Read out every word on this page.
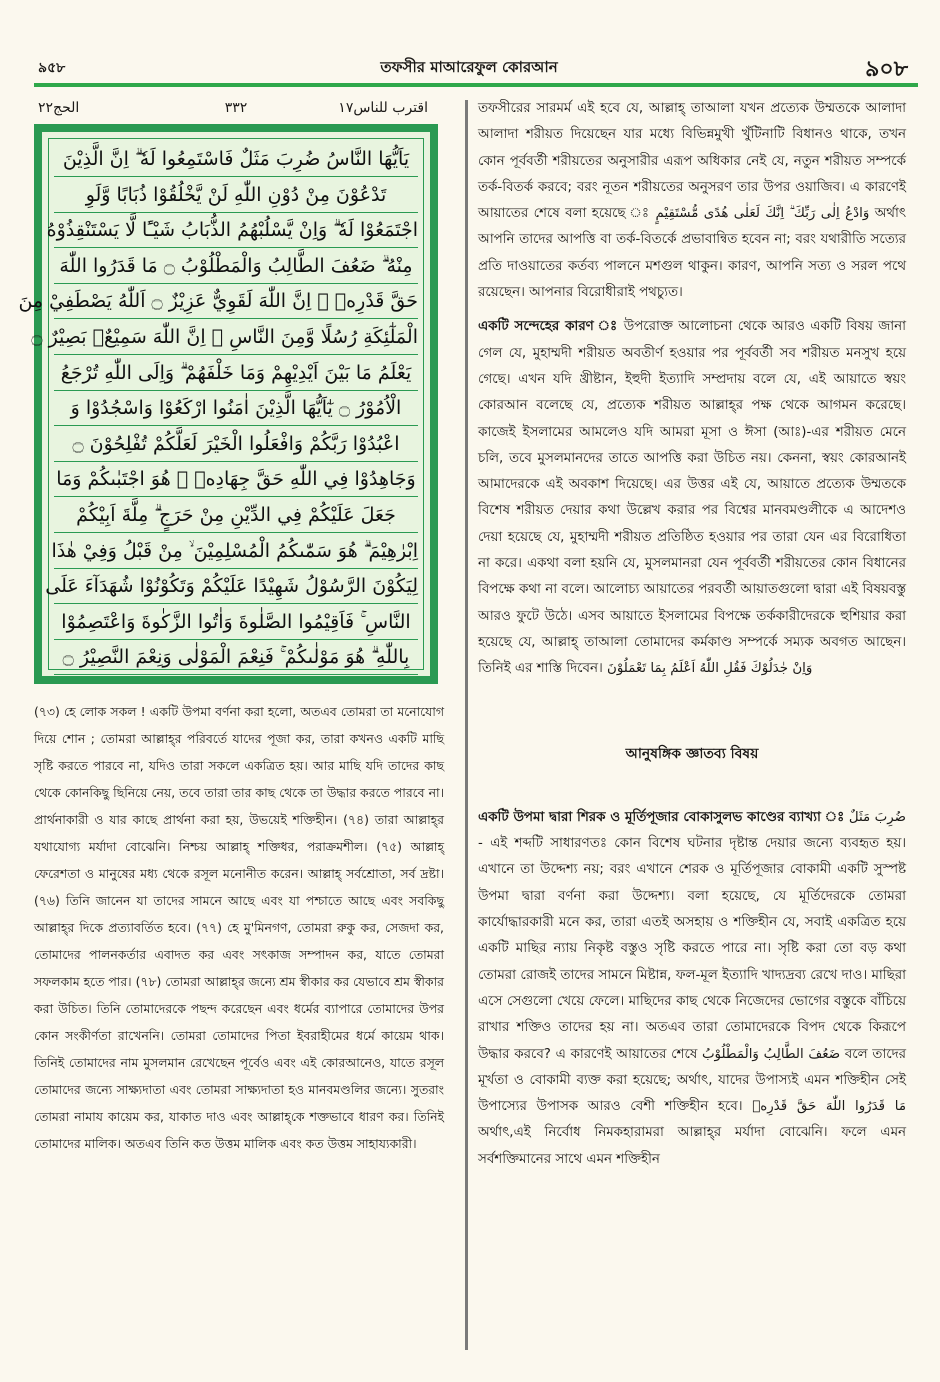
৯৫৮	তফসীর মাআরেফুল কোরআন	৯০৮
الحج٢٢	٣٣٢	اقترب للناس١٧
يَاَيُّهَا النَّاسُ ضُرِبَ مَثَلٌ فَاسْتَمِعُوا لَهٗ ۗ اِنَّ الَّذِيْنَ
تَدْعُوْنَ مِنْ دُوْنِ اللّٰهِ لَنْ يَّخْلُقُوْا ذُبَابًا وَّلَوِ
اجْتَمَعُوْا لَهٗ ۗ وَاِنْ يَّسْلُبْهُمُ الذُّبَابُ شَيْـًٔا لَّا يَسْتَنْقِذُوْهُ
مِنْهُ ۗ ضَعُفَ الطَّالِبُ وَالْمَطْلُوْبُ ۝ مَا قَدَرُوا اللّٰهَ
حَقَّ قَدْرِهٖ ۗ اِنَّ اللّٰهَ لَقَوِيٌّ عَزِيْزٌ ۝ اَللّٰهُ يَصْطَفِيْ مِنَ
الْمَلٰٓئِكَةِ رُسُلًا وَّمِنَ النَّاسِ ۗ اِنَّ اللّٰهَ سَمِيْعٌۢ بَصِيْرٌ ۝
يَعْلَمُ مَا بَيْنَ اَيْدِيْهِمْ وَمَا خَلْفَهُمْ ۗ وَاِلَى اللّٰهِ تُرْجَعُ
الْاُمُوْرُ ۝ يٰٓاَيُّهَا الَّذِيْنَ اٰمَنُوا ارْكَعُوْا وَاسْجُدُوْا وَ
اعْبُدُوْا رَبَّكُمْ وَافْعَلُوا الْخَيْرَ لَعَلَّكُمْ تُفْلِحُوْنَ ۝
وَجَاهِدُوْا فِي اللّٰهِ حَقَّ جِهَادِهٖ ۗ هُوَ اجْتَبٰىكُمْ وَمَا
جَعَلَ عَلَيْكُمْ فِي الدِّيْنِ مِنْ حَرَجٍ ۗ مِلَّةَ اَبِيْكُمْ
اِبْرٰهِيْمَ ۗ هُوَ سَمّٰىكُمُ الْمُسْلِمِيْنَ ۙ مِنْ قَبْلُ وَفِيْ هٰذَا
لِيَكُوْنَ الرَّسُوْلُ شَهِيْدًا عَلَيْكُمْ وَتَكُوْنُوْا شُهَدَآءَ عَلَى
النَّاسِ ۚ فَاَقِيْمُوا الصَّلٰوةَ وَاٰتُوا الزَّكٰوةَ وَاعْتَصِمُوْا
بِاللّٰهِ ۗ هُوَ مَوْلٰىكُمْ ۚ فَنِعْمَ الْمَوْلٰى وَنِعْمَ النَّصِيْرُ ۝
(৭৩) হে লোক সকল ! একটি উপমা বর্ণনা করা হলো, অতএব তোমরা তা মনোযোগ দিয়ে শোন ; তোমরা আল্লাহ্‌র পরিবর্তে যাদের পূজা কর, তারা কখনও একটি মাছি সৃষ্টি করতে পারবে না, যদিও তারা সকলে একত্রিত হয়। আর মাছি যদি তাদের কাছ থেকে কোনকিছু ছিনিয়ে নেয়, তবে তারা তার কাছ থেকে তা উদ্ধার করতে পারবে না। প্রার্থনাকারী ও যার কাছে প্রার্থনা করা হয়, উভয়েই শক্তিহীন। (৭৪) তারা আল্লাহ্‌র যথাযোগ্য মর্যাদা বোঝেনি। নিশ্চয় আল্লাহ্‌ শক্তিধর, পরাক্রমশীল। (৭৫) আল্লাহ্‌ ফেরেশতা ও মানুষের মধ্য থেকে রসূল মনোনীত করেন। আল্লাহ্‌ সর্বশ্রোতা, সর্ব দ্রষ্টা। (৭৬) তিনি জানেন যা তাদের সামনে আছে এবং যা পশ্চাতে আছে এবং সবকিছু আল্লাহ্‌র দিকে প্রত্যাবর্তিত হবে। (৭৭) হে মু'মিনগণ, তোমরা রুকু কর, সেজদা কর, তোমাদের পালনকর্তার এবাদত কর এবং সৎকাজ সম্পাদন কর, যাতে তোমরা সফলকাম হতে পার। (৭৮) তোমরা আল্লাহ্‌র জন্যে শ্রম স্বীকার কর যেভাবে শ্রম স্বীকার করা উচিত। তিনি তোমাদেরকে পছন্দ করেছেন এবং ধর্মের ব্যাপারে তোমাদের উপর কোন সংকীর্ণতা রাখেননি। তোমরা তোমাদের পিতা ইবরাহীমের ধর্মে কায়েম থাক। তিনিই তোমাদের নাম মুসলমান রেখেছেন পূর্বেও এবং এই কোরআনেও, যাতে রসূল তোমাদের জন্যে সাক্ষ্যদাতা এবং তোমরা সাক্ষ্যদাতা হও মানবমণ্ডলির জন্যে। সুতরাং তোমরা নামায কায়েম কর, যাকাত দাও এবং আল্লাহ্‌কে শক্তভাবে ধারণ কর। তিনিই তোমাদের মালিক। অতএব তিনি কত উত্তম মালিক এবং কত উত্তম সাহায্যকারী।

তফসীরের সারমর্ম এই হবে যে, আল্লাহ্‌ তাআলা যখন প্রত্যেক উম্মতকে আলাদা আলাদা শরীয়ত দিয়েছেন যার মধ্যে বিভিন্নমুখী খুঁটিনাটি বিধানও থাকে, তখন কোন পূর্ববর্তী শরীয়তের অনুসারীর এরূপ অধিকার নেই যে, নতুন শরীয়ত সম্পর্কে তর্ক-বিতর্ক করবে; বরং নূতন শরীয়তের অনুসরণ তার উপর ওয়াজিব। এ কারণেই আয়াতের শেষে বলা হয়েছে ঃ وَادْعُ اِلٰى رَبِّكَ ۗ اِنَّكَ لَعَلٰى هُدًى مُّسْتَقِيْمٍ অর্থাৎ আপনি তাদের আপত্তি বা তর্ক-বিতর্কে প্রভাবান্বিত হবেন না; বরং যথারীতি সত্যের প্রতি দাওয়াতের কর্তব্য পালনে মশগুল থাকুন। কারণ, আপনি সত্য ও সরল পথে রয়েছেন। আপনার বিরোধীরাই পথচ্যুত।

একটি সন্দেহের কারণ ঃ উপরোক্ত আলোচনা থেকে আরও একটি বিষয় জানা গেল যে, মুহাম্মদী শরীয়ত অবতীর্ণ হওয়ার পর পূর্ববর্তী সব শরীয়ত মনসুখ হয়ে গেছে। এখন যদি খ্রীষ্টান, ইহুদী ইত্যাদি সম্প্রদায় বলে যে, এই আয়াতে স্বয়ং কোরআন বলেছে যে, প্রত্যেক শরীয়ত আল্লাহ্‌র পক্ষ থেকে আগমন করেছে। কাজেই ইসলামের আমলেও যদি আমরা মূসা ও ঈসা (আঃ)-এর শরীয়ত মেনে চলি, তবে মুসলমানদের তাতে আপত্তি করা উচিত নয়। কেননা, স্বয়ং কোরআনই আমাদেরকে এই অবকাশ দিয়েছে। এর উত্তর এই যে, আয়াতে প্রত্যেক উম্মতকে বিশেষ শরীয়ত দেয়ার কথা উল্লেখ করার পর বিশ্বের মানবমণ্ডলীকে এ আদেশও দেয়া হয়েছে যে, মুহাম্মদী শরীয়ত প্রতিষ্ঠিত হওয়ার পর তারা যেন এর বিরোধিতা না করে। একথা বলা হয়নি যে, মুসলমানরা যেন পূর্ববর্তী শরীয়তের কোন বিধানের বিপক্ষে কথা না বলে। আলোচ্য আয়াতের পরবর্তী আয়াতগুলো দ্বারা এই বিষয়বস্তু আরও ফুটে উঠে। এসব আয়াতে ইসলামের বিপক্ষে তর্ককারীদেরকে হুশিয়ার করা হয়েছে যে, আল্লাহ্‌ তাআলা তোমাদের কর্মকাণ্ড সম্পর্কে সম্যক অবগত আছেন। তিনিই এর শাস্তি দিবেন। وَاِنْ جٰدَلُوْكَ فَقُلِ اللّٰهُ اَعْلَمُ بِمَا تَعْمَلُوْنَ

আনুষঙ্গিক জ্ঞাতব্য বিষয়

একটি উপমা দ্বারা শিরক ও মূর্তিপূজার বোকাসুলভ কাণ্ডের ব্যাখ্যা ঃ ضُرِبَ مَثَلٌ - এই শব্দটি সাধারণতঃ কোন বিশেষ ঘটনার দৃষ্টান্ত দেয়ার জন্যে ব্যবহৃত হয়। এখানে তা উদ্দেশ্য নয়; বরং এখানে শেরক ও মূর্তিপূজার বোকামী একটি সুস্পষ্ট উপমা দ্বারা বর্ণনা করা উদ্দেশ্য। বলা হয়েছে, যে মূর্তিদেরকে তোমরা কার্যোদ্ধারকারী মনে কর, তারা এতই অসহায় ও শক্তিহীন যে, সবাই একত্রিত হয়ে একটি মাছির ন্যায় নিকৃষ্ট বস্তুও সৃষ্টি করতে পারে না। সৃষ্টি করা তো বড় কথা তোমরা রোজই তাদের সামনে মিষ্টান্ন, ফল-মূল ইত্যাদি খাদ্যদ্রব্য রেখে দাও। মাছিরা এসে সেগুলো খেয়ে ফেলে। মাছিদের কাছ থেকে নিজেদের ভোগের বস্তুকে বাঁচিয়ে রাখার শক্তিও তাদের হয় না। অতএব তারা তোমাদেরকে বিপদ থেকে কিরূপে উদ্ধার করবে? এ কারণেই আয়াতের শেষে ضَعُفَ الطَّالِبُ وَالْمَطْلُوْبُ বলে তাদের মূর্খতা ও বোকামী ব্যক্ত করা হয়েছে; অর্থাৎ, যাদের উপাস্যই এমন শক্তিহীন সেই উপাস্যের উপাসক আরও বেশী শক্তিহীন হবে। مَا قَدَرُوا اللّٰهَ حَقَّ قَدْرِهٖ অর্থাৎ,এই নির্বোধ নিমকহারামরা আল্লাহ্‌র মর্যাদা বোঝেনি। ফলে এমন সর্বশক্তিমানের সাথে এমন শক্তিহীন
